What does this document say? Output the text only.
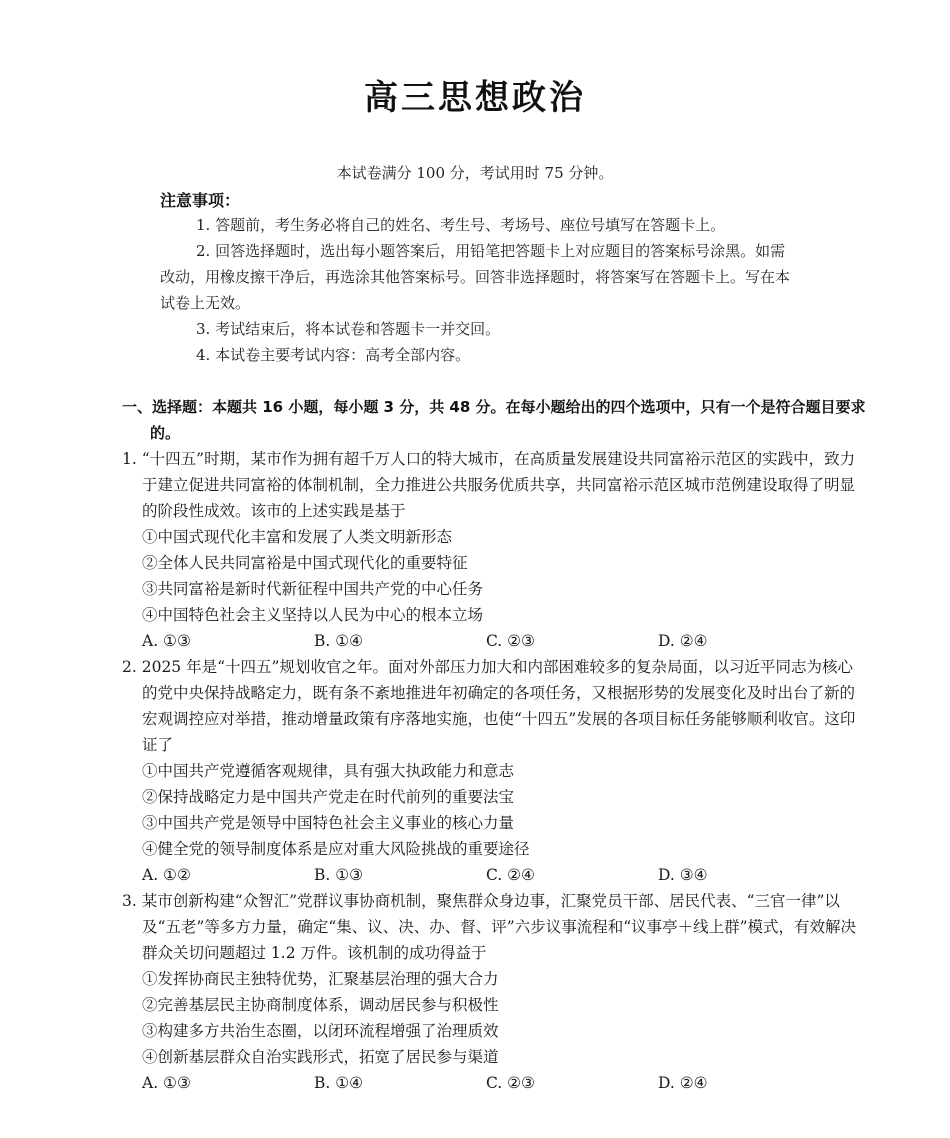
高三思想政治
本试卷满分 100 分，考试用时 75 分钟。
注意事项：
1. 答题前，考生务必将自己的姓名、考生号、考场号、座位号填写在答题卡上。
2. 回答选择题时，选出每小题答案后，用铅笔把答题卡上对应题目的答案标号涂黑。如需改动，用橡皮擦干净后，再选涂其他答案标号。回答非选择题时，将答案写在答题卡上。写在本试卷上无效。
3. 考试结束后，将本试卷和答题卡一并交回。
4. 本试卷主要考试内容：高考全部内容。
一、选择题：本题共 16 小题，每小题 3 分，共 48 分。在每小题给出的四个选项中，只有一个是符合题目要求的。
1. “十四五”时期，某市作为拥有超千万人口的特大城市，在高质量发展建设共同富裕示范区的实践中，致力于建立促进共同富裕的体制机制，全力推进公共服务优质共享，共同富裕示范区城市范例建设取得了明显的阶段性成效。该市的上述实践是基于
①中国式现代化丰富和发展了人类文明新形态
②全体人民共同富裕是中国式现代化的重要特征
③共同富裕是新时代新征程中国共产党的中心任务
④中国特色社会主义坚持以人民为中心的根本立场
A. ①③	B. ①④	C. ②③	D. ②④
2. 2025 年是“十四五”规划收官之年。面对外部压力加大和内部困难较多的复杂局面，以习近平同志为核心的党中央保持战略定力，既有条不紊地推进年初确定的各项任务，又根据形势的发展变化及时出台了新的宏观调控应对举措，推动增量政策有序落地实施，也使“十四五”发展的各项目标任务能够顺利收官。这印证了
①中国共产党遵循客观规律，具有强大执政能力和意志
②保持战略定力是中国共产党走在时代前列的重要法宝
③中国共产党是领导中国特色社会主义事业的核心力量
④健全党的领导制度体系是应对重大风险挑战的重要途径
A. ①②	B. ①③	C. ②④	D. ③④
3. 某市创新构建“众智汇”党群议事协商机制，聚焦群众身边事，汇聚党员干部、居民代表、“三官一律”以及“五老”等多方力量，确定“集、议、决、办、督、评”六步议事流程和“议事亭＋线上群”模式，有效解决群众关切问题超过 1.2 万件。该机制的成功得益于
①发挥协商民主独特优势，汇聚基层治理的强大合力
②完善基层民主协商制度体系，调动居民参与积极性
③构建多方共治生态圈，以闭环流程增强了治理质效
④创新基层群众自治实践形式，拓宽了居民参与渠道
A. ①③	B. ①④	C. ②③	D. ②④
